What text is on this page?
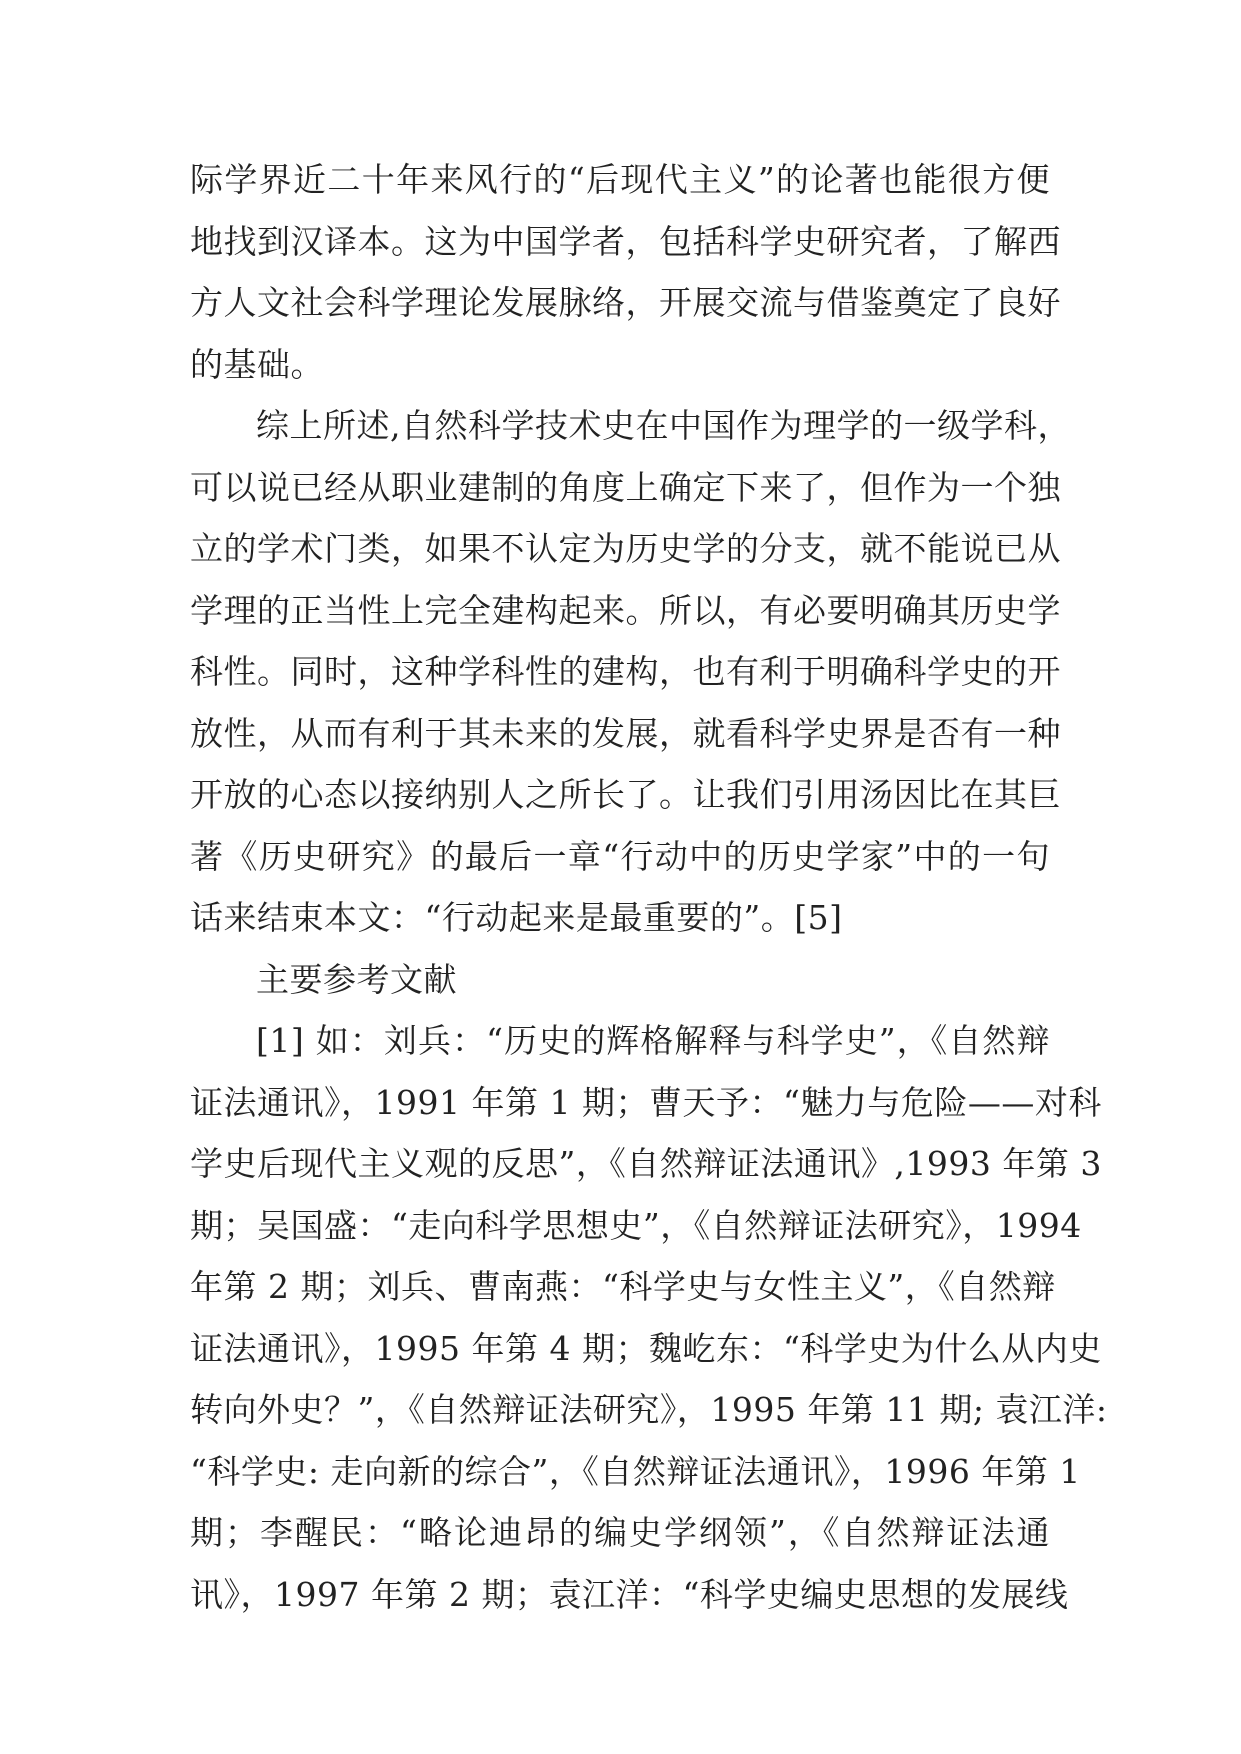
际学界近二十年来风行的“后现代主义”的论著也能很方便
地找到汉译本。这为中国学者，包括科学史研究者，了解西
方人文社会科学理论发展脉络，开展交流与借鉴奠定了良好
的基础。
综上所述,自然科学技术史在中国作为理学的一级学科，
可以说已经从职业建制的角度上确定下来了，但作为一个独
立的学术门类，如果不认定为历史学的分支，就不能说已从
学理的正当性上完全建构起来。所以，有必要明确其历史学
科性。同时，这种学科性的建构，也有利于明确科学史的开
放性，从而有利于其未来的发展，就看科学史界是否有一种
开放的心态以接纳别人之所长了。让我们引用汤因比在其巨
著《历史研究》的最后一章“行动中的历史学家”中的一句
话来结束本文：“行动起来是最重要的”。[5]
主要参考文献
[1] 如：刘兵：“历史的辉格解释与科学史”，《自然辩
证法通讯》，1991 年第 1 期；曹天予：“魅力与危险——对科
学史后现代主义观的反思”，《自然辩证法通讯》,1993 年第 3
期；吴国盛：“走向科学思想史”，《自然辩证法研究》，1994
年第 2 期；刘兵、曹南燕：“科学史与女性主义”，《自然辩
证法通讯》，1995 年第 4 期；魏屹东：“科学史为什么从内史
转向外史？”，《自然辩证法研究》，1995 年第 11 期; 袁江洋:
“科学史: 走向新的综合”，《自然辩证法通讯》，1996 年第 1
期；李醒民：“略论迪昂的编史学纲领”，《自然辩证法通
讯》，1997 年第 2 期；袁江洋：“科学史编史思想的发展线
